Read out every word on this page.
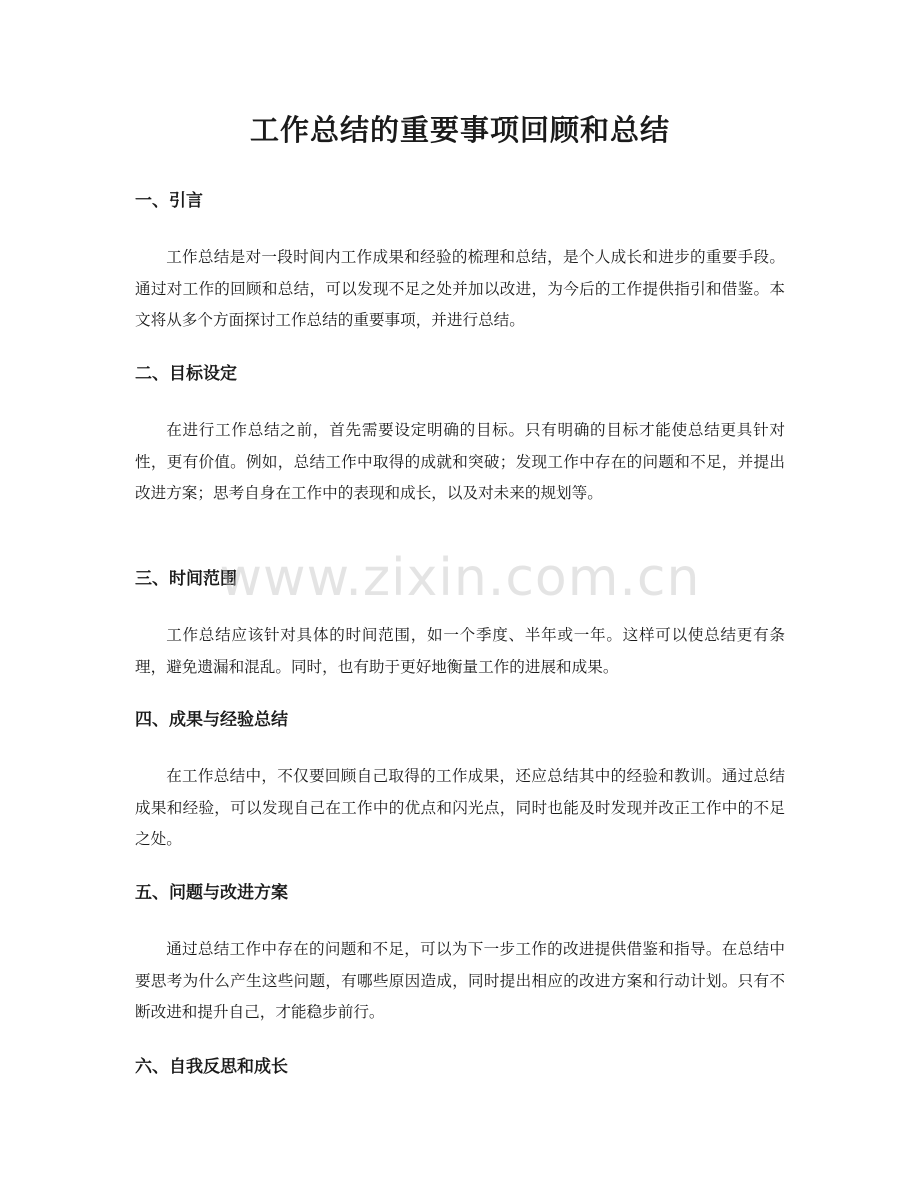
工作总结的重要事项回顾和总结
一、引言

工作总结是对一段时间内工作成果和经验的梳理和总结，是个人成长和进步的重要手段。通过对工作的回顾和总结，可以发现不足之处并加以改进，为今后的工作提供指引和借鉴。本文将从多个方面探讨工作总结的重要事项，并进行总结。

二、目标设定

在进行工作总结之前，首先需要设定明确的目标。只有明确的目标才能使总结更具针对性，更有价值。例如，总结工作中取得的成就和突破；发现工作中存在的问题和不足，并提出改进方案；思考自身在工作中的表现和成长，以及对未来的规划等。

三、时间范围

工作总结应该针对具体的时间范围，如一个季度、半年或一年。这样可以使总结更有条理，避免遗漏和混乱。同时，也有助于更好地衡量工作的进展和成果。

四、成果与经验总结

在工作总结中，不仅要回顾自己取得的工作成果，还应总结其中的经验和教训。通过总结成果和经验，可以发现自己在工作中的优点和闪光点，同时也能及时发现并改正工作中的不足之处。

五、问题与改进方案

通过总结工作中存在的问题和不足，可以为下一步工作的改进提供借鉴和指导。在总结中要思考为什么产生这些问题，有哪些原因造成，同时提出相应的改进方案和行动计划。只有不断改进和提升自己，才能稳步前行。

六、自我反思和成长
www.zixin.com.cn
